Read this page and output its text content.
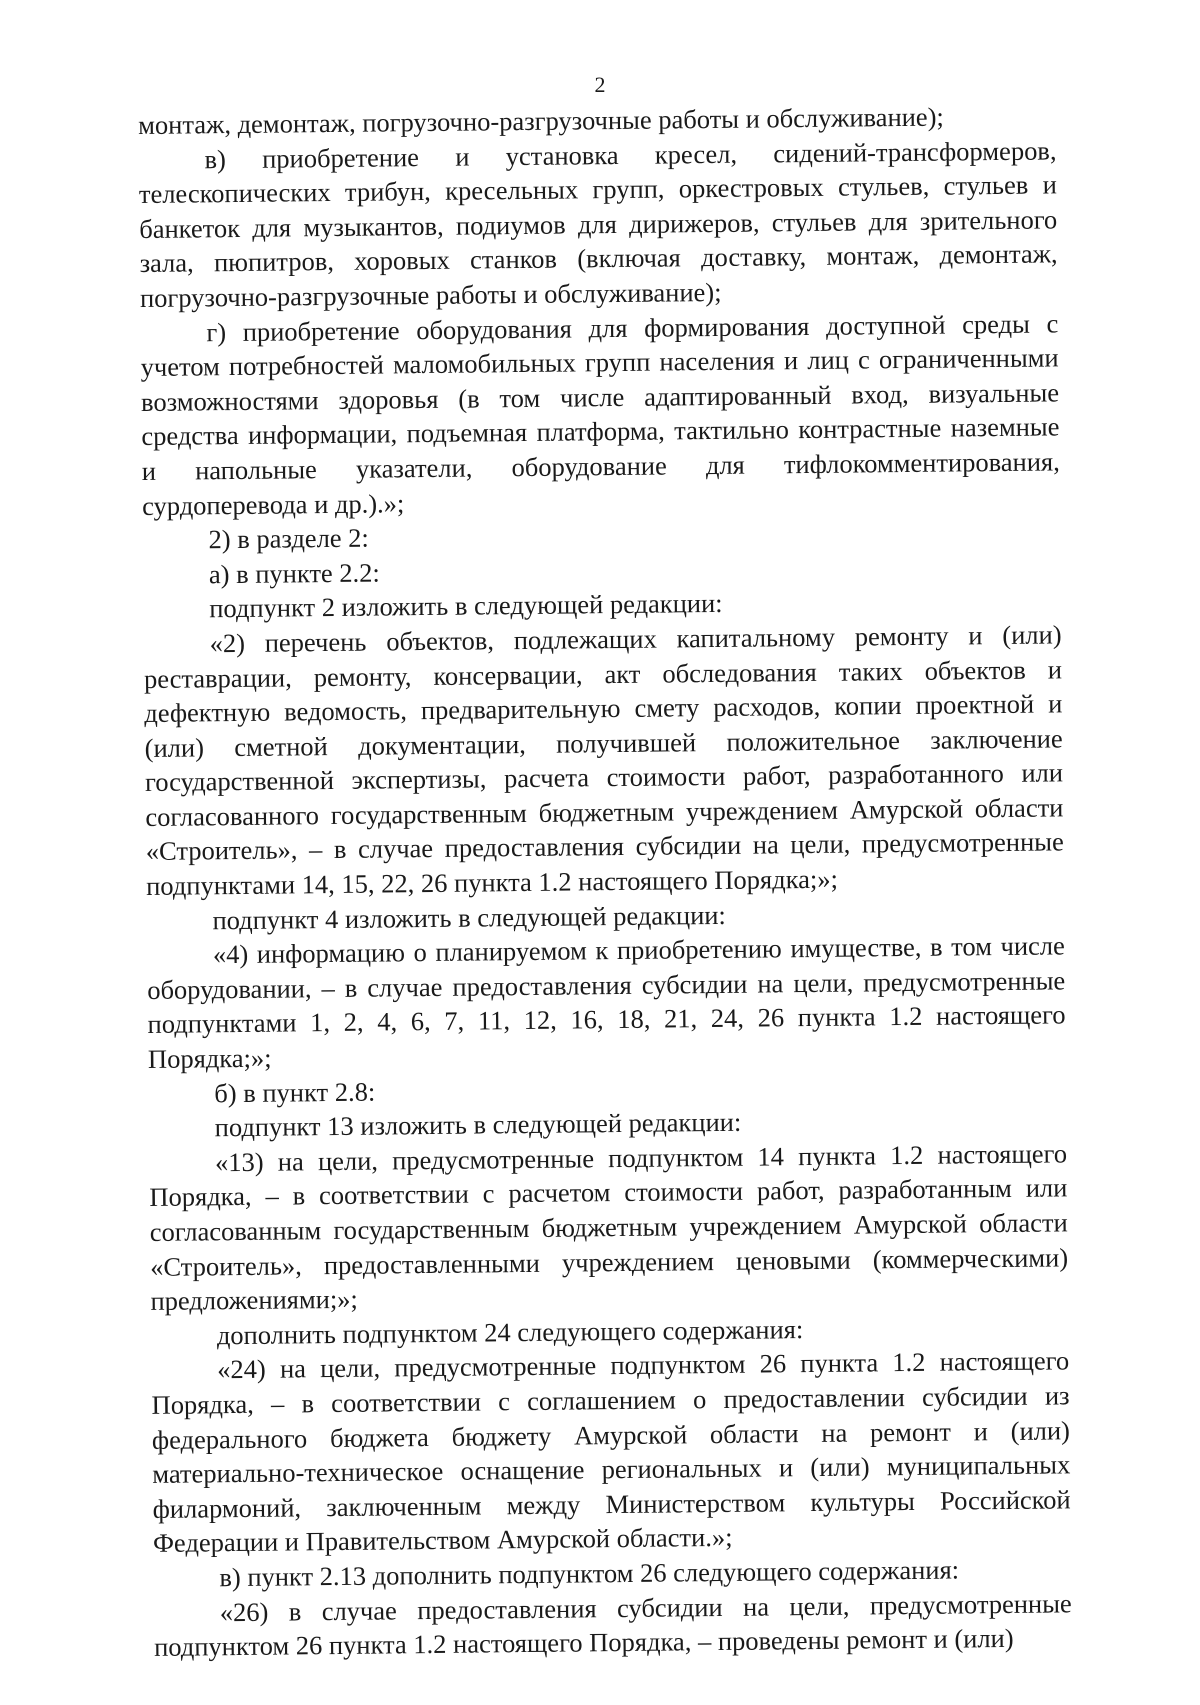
2

монтаж, демонтаж, погрузочно-разгрузочные работы и обслуживание);

в) приобретение и установка кресел, сидений-трансформеров, телескопических трибун, кресельных групп, оркестровых стульев, стульев и банкеток для музыкантов, подиумов для дирижеров, стульев для зрительного зала, пюпитров, хоровых станков (включая доставку, монтаж, демонтаж, погрузочно-разгрузочные работы и обслуживание);

г) приобретение оборудования для формирования доступной среды с учетом потребностей маломобильных групп населения и лиц с ограниченными возможностями здоровья (в том числе адаптированный вход, визуальные средства информации, подъемная платформа, тактильно контрастные наземные и напольные указатели, оборудование для тифлокомментирования, сурдоперевода и др.).»;

2) в разделе 2:

а) в пункте 2.2:

подпункт 2 изложить в следующей редакции:

«2) перечень объектов, подлежащих капитальному ремонту и (или) реставрации, ремонту, консервации, акт обследования таких объектов и дефектную ведомость, предварительную смету расходов, копии проектной и (или) сметной документации, получившей положительное заключение государственной экспертизы, расчета стоимости работ, разработанного или согласованного государственным бюджетным учреждением Амурской области «Строитель», – в случае предоставления субсидии на цели, предусмотренные подпунктами 14, 15, 22, 26 пункта 1.2 настоящего Порядка;»;

подпункт 4 изложить в следующей редакции:

«4) информацию о планируемом к приобретению имуществе, в том числе оборудовании, – в случае предоставления субсидии на цели, предусмотренные подпунктами 1, 2, 4, 6, 7, 11, 12, 16, 18, 21, 24, 26 пункта 1.2 настоящего Порядка;»;

б) в пункт 2.8:

подпункт 13 изложить в следующей редакции:

«13) на цели, предусмотренные подпунктом 14 пункта 1.2 настоящего Порядка, – в соответствии с расчетом стоимости работ, разработанным или согласованным государственным бюджетным учреждением Амурской области «Строитель», предоставленными учреждением ценовыми (коммерческими) предложениями;»;

дополнить подпунктом 24 следующего содержания:

«24) на цели, предусмотренные подпунктом 26 пункта 1.2 настоящего Порядка, – в соответствии с соглашением о предоставлении субсидии из федерального бюджета бюджету Амурской области на ремонт и (или) материально-техническое оснащение региональных и (или) муниципальных филармоний, заключенным между Министерством культуры Российской Федерации и Правительством Амурской области.»;

в) пункт 2.13 дополнить подпунктом 26 следующего содержания:

«26) в случае предоставления субсидии на цели, предусмотренные подпунктом 26 пункта 1.2 настоящего Порядка, – проведены ремонт и (или)
